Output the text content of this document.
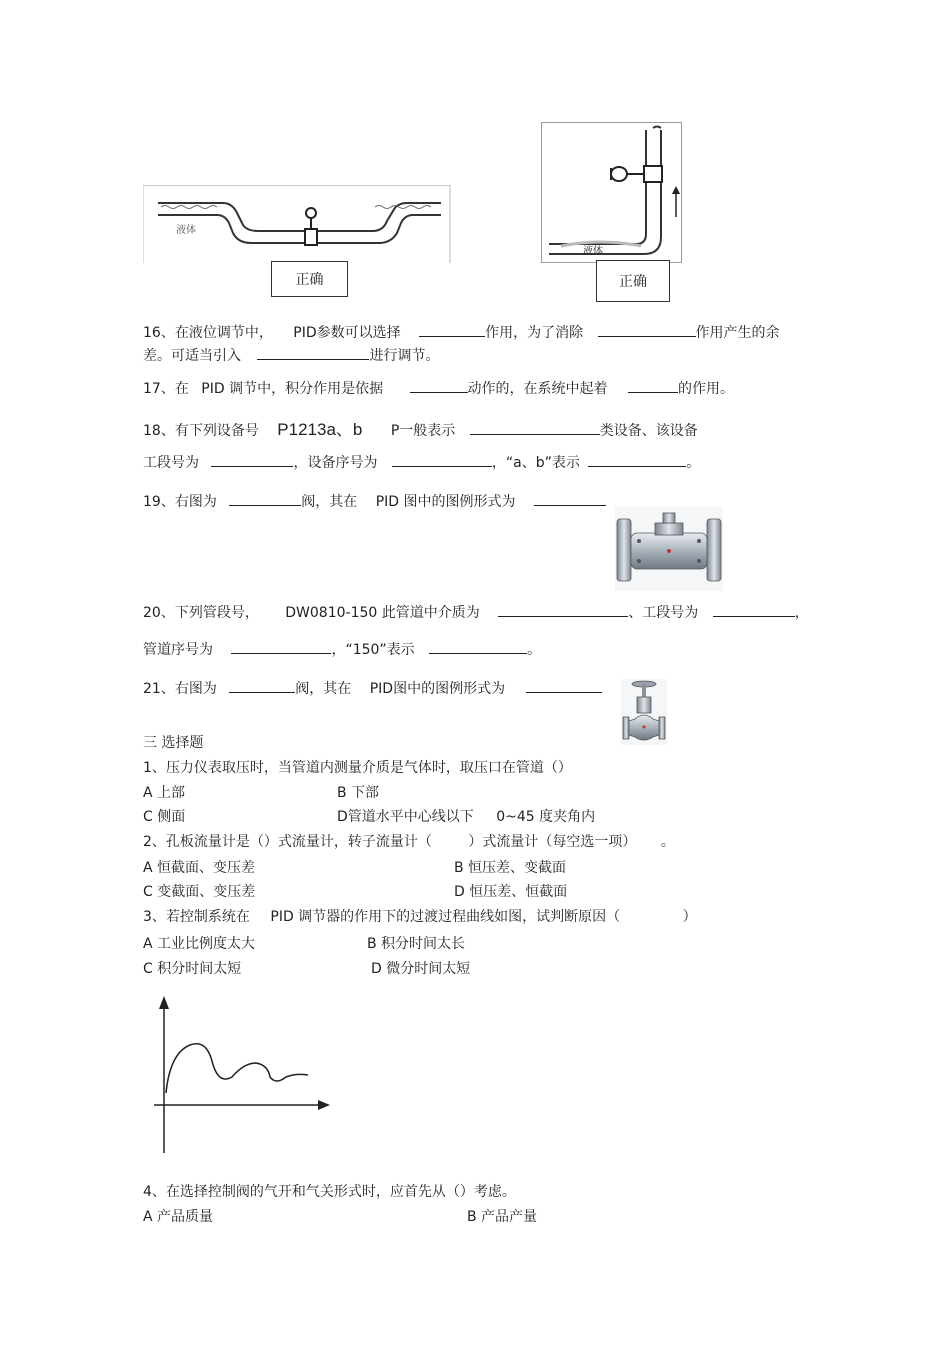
液体
正确
液体
正确
16、在液位调节中， PID参数可以选择	作用，为了消除	作用产生的余
差。可适当引入	进行调节。
17、在 PID 调节中，积分作用是依据	动作的，在系统中起着	的作用。
18、有下列设备号 P1213a、b P一般表示	类设备、该设备
工段号为	，设备序号为	，“a、b”表示	。
19、右图为	阀，其在 PID 图中的图例形式为
20、下列管段号， DW0810-150 此管道中介质为	、工段号为	，
管道序号为	，“150”表示	。
21、右图为	阀，其在 PID图中的图例形式为
三 选择题
1、压力仪表取压时，当管道内测量介质是气体时，取压口在管道（）
A 上部	B 下部
C 侧面	D管道水平中心线以下 0~45 度夹角内
2、孔板流量计是（）式流量计，转子流量计（	）式流量计（每空选一项） 。
A 恒截面、变压差	B 恒压差、变截面
C 变截面、变压差	D 恒压差、恒截面
3、若控制系统在 PID 调节器的作用下的过渡过程曲线如图，试判断原因（	）
A 工业比例度太大	B 积分时间太长
C 积分时间太短	D 微分时间太短
4、在选择控制阀的气开和气关形式时，应首先从（）考虑。
A 产品质量	B 产品产量
